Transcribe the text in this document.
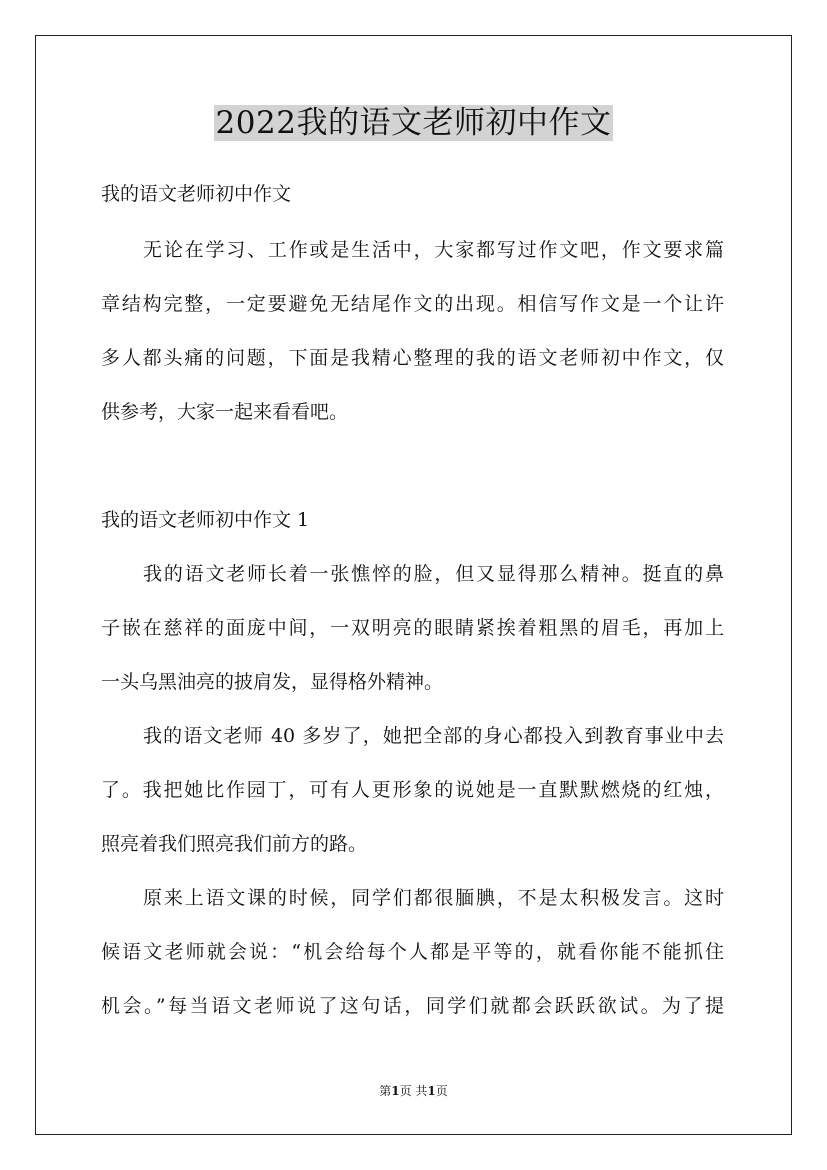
2022我的语文老师初中作文

我的语文老师初中作文

无论在学习、工作或是生活中，大家都写过作文吧，作文要求篇

章结构完整，一定要避免无结尾作文的出现。相信写作文是一个让许

多人都头痛的问题，下面是我精心整理的我的语文老师初中作文，仅

供参考，大家一起来看看吧。

我的语文老师初中作文 1

我的语文老师长着一张憔悴的脸，但又显得那么精神。挺直的鼻

子嵌在慈祥的面庞中间，一双明亮的眼睛紧挨着粗黑的眉毛，再加上

一头乌黑油亮的披肩发，显得格外精神。

我的语文老师 40 多岁了，她把全部的身心都投入到教育事业中去

了。我把她比作园丁，可有人更形象的说她是一直默默燃烧的红烛，

照亮着我们照亮我们前方的路。

原来上语文课的时候，同学们都很腼腆，不是太积极发言。这时

候语文老师就会说：“机会给每个人都是平等的，就看你能不能抓住

机会。”每当语文老师说了这句话，同学们就都会跃跃欲试。为了提

第1页 共1页
